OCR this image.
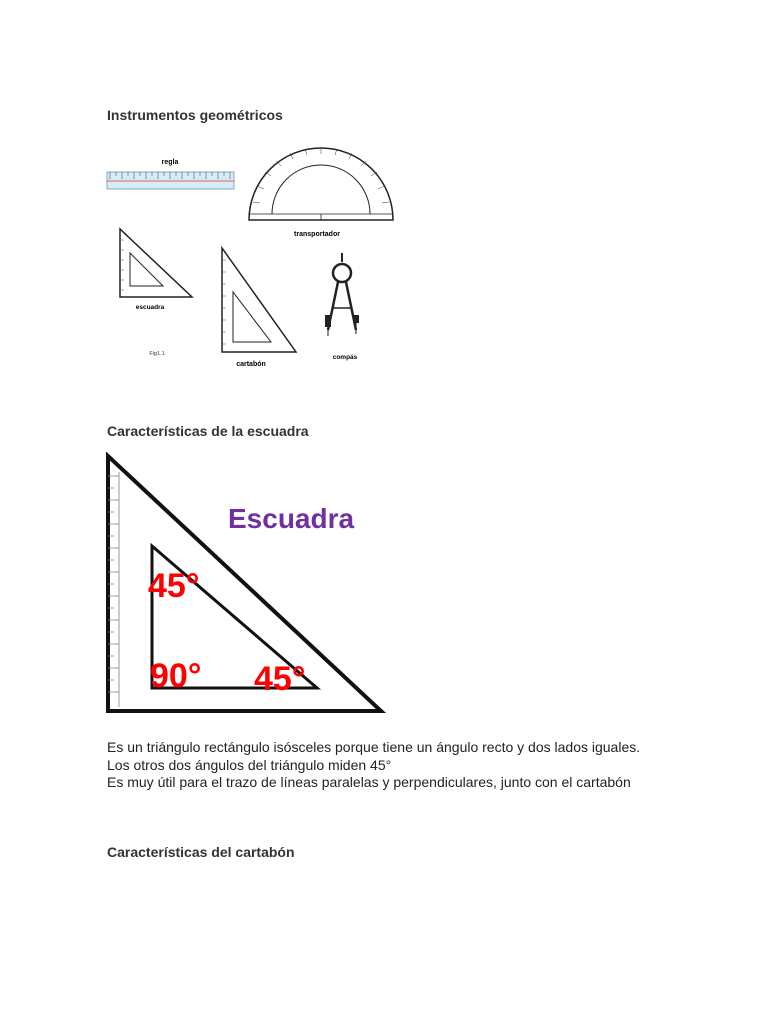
Instrumentos geométricos
regla
transportador
escuadra
cartabón
compás
Fig1.1
Características de la escuadra
Escuadra
45°
90° 45°

Es un triángulo rectángulo isósceles porque tiene un ángulo recto y dos lados iguales.

Los otros dos ángulos del triángulo miden 45°

Es muy útil para el trazo de líneas paralelas y perpendiculares, junto con el cartabón

Características del cartabón
